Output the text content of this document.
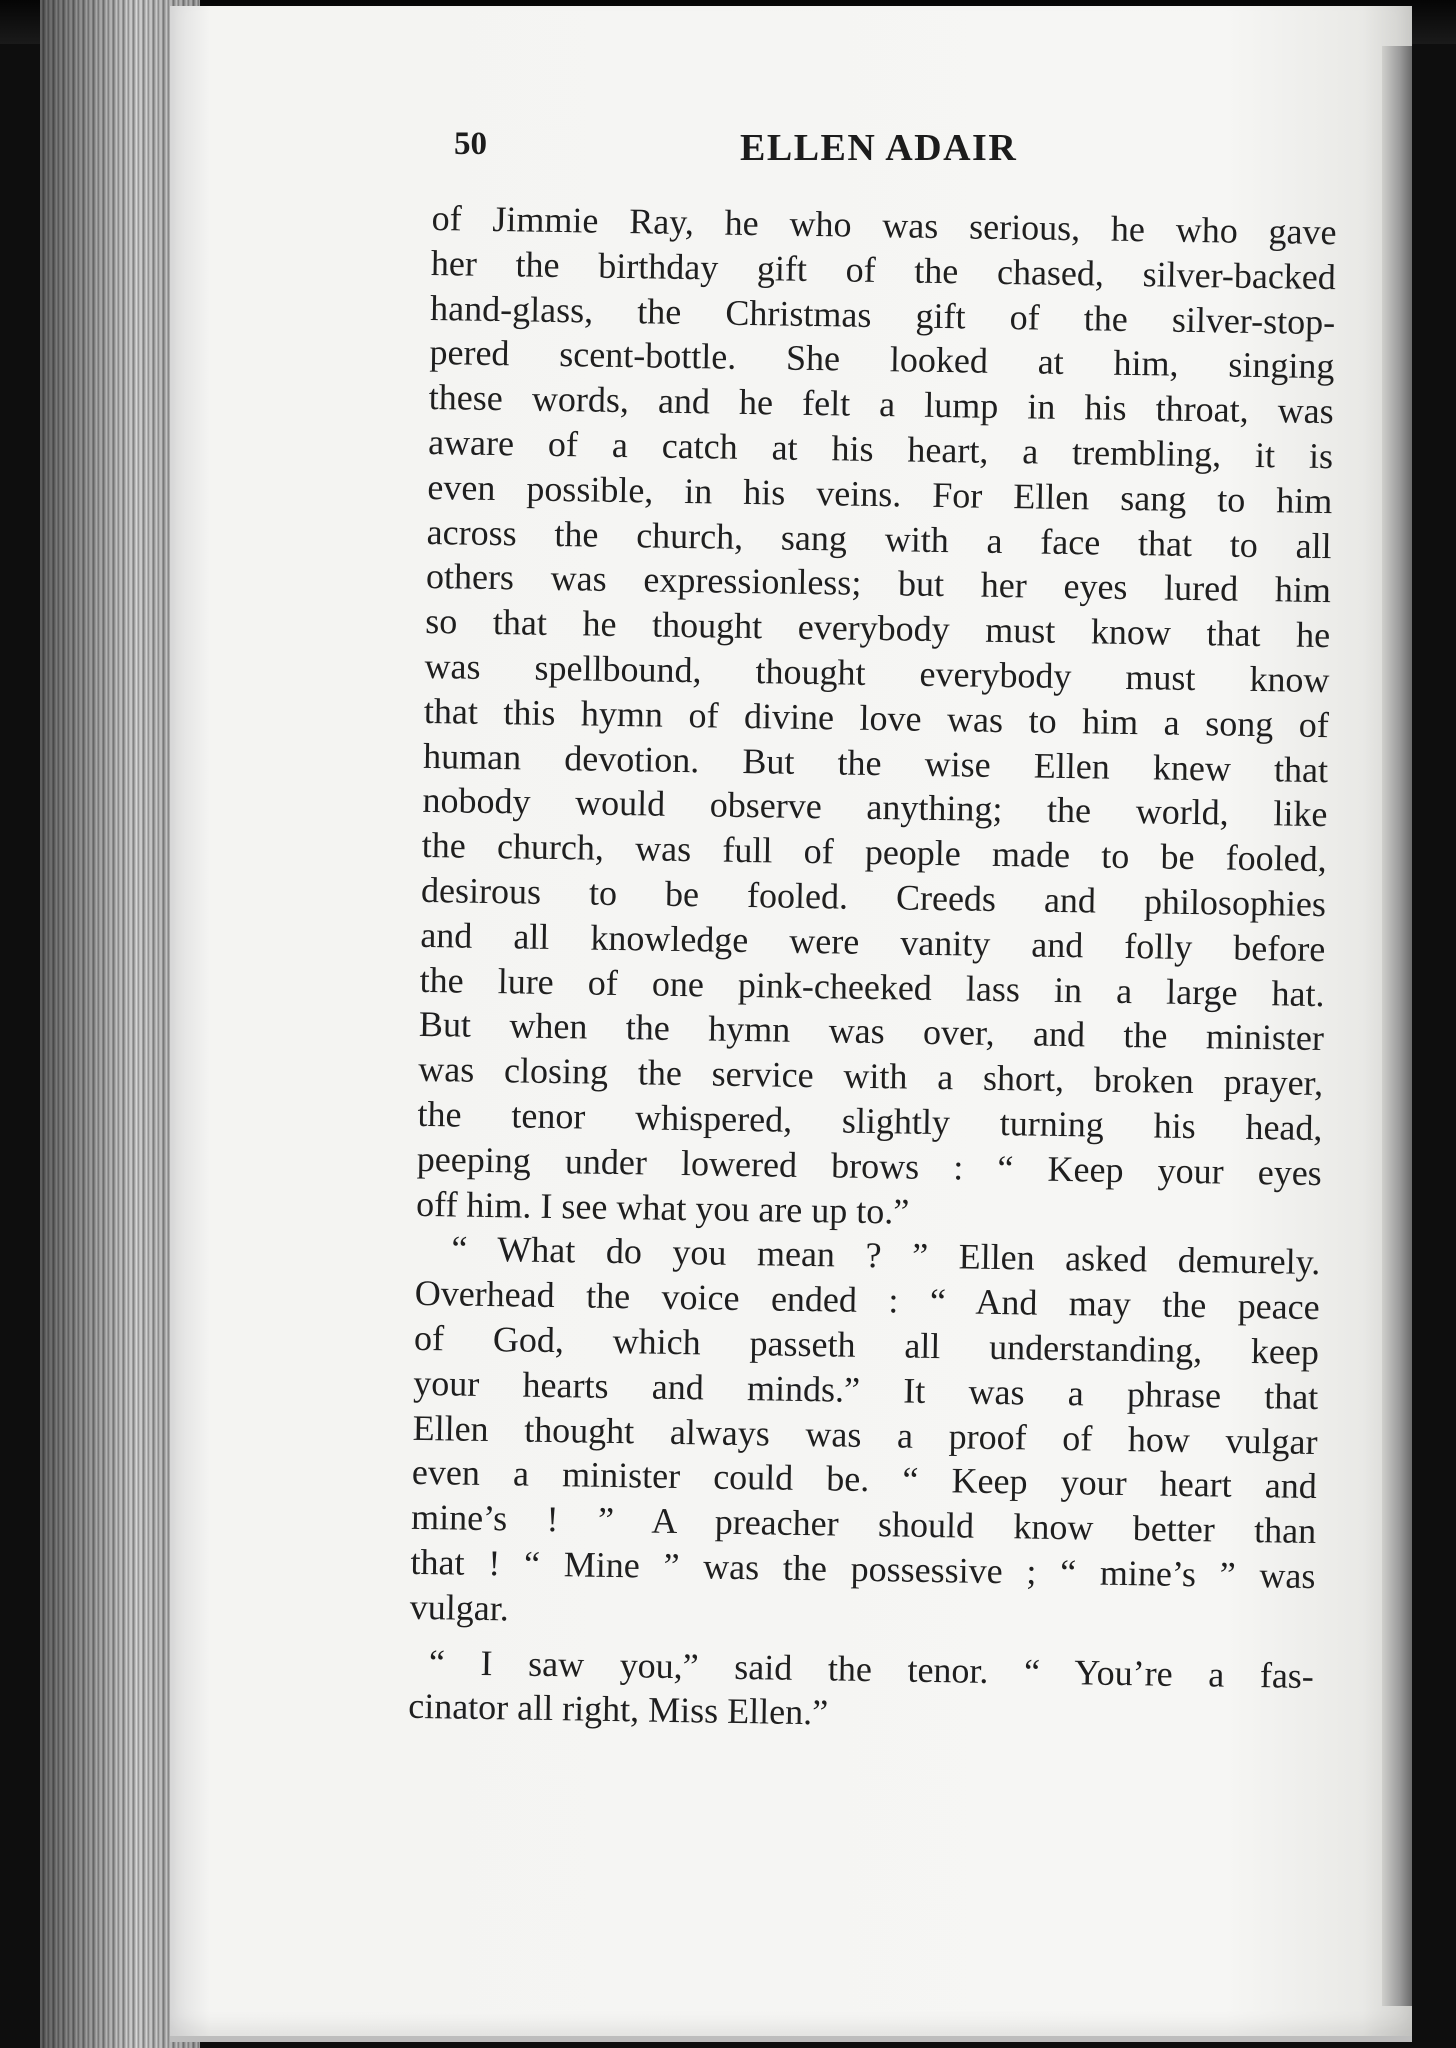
50	ELLEN ADAIR
of Jimmie Ray, he who was serious, he who gave
her the birthday gift of the chased, silver-backed
hand-glass, the Christmas gift of the silver-stop-
pered scent-bottle. She looked at him, singing
these words, and he felt a lump in his throat, was
aware of a catch at his heart, a trembling, it is
even possible, in his veins. For Ellen sang to him
across the church, sang with a face that to all
others was expressionless; but her eyes lured him
so that he thought everybody must know that he
was spellbound, thought everybody must know
that this hymn of divine love was to him a song of
human devotion. But the wise Ellen knew that
nobody would observe anything; the world, like
the church, was full of people made to be fooled,
desirous to be fooled. Creeds and philosophies
and all knowledge were vanity and folly before
the lure of one pink-cheeked lass in a large hat.
But when the hymn was over, and the minister
was closing the service with a short, broken prayer,
the tenor whispered, slightly turning his head,
peeping under lowered brows : “ Keep your eyes
off him. I see what you are up to.”
“ What do you mean ? ” Ellen asked demurely.
Overhead the voice ended : “ And may the peace
of God, which passeth all understanding, keep
your hearts and minds.” It was a phrase that
Ellen thought always was a proof of how vulgar
even a minister could be. “ Keep your heart and
mine’s ! ” A preacher should know better than
that ! “ Mine ” was the possessive ; “ mine’s ” was
vulgar.
“ I saw you,” said the tenor. “ You’re a fas-
cinator all right, Miss Ellen.”
